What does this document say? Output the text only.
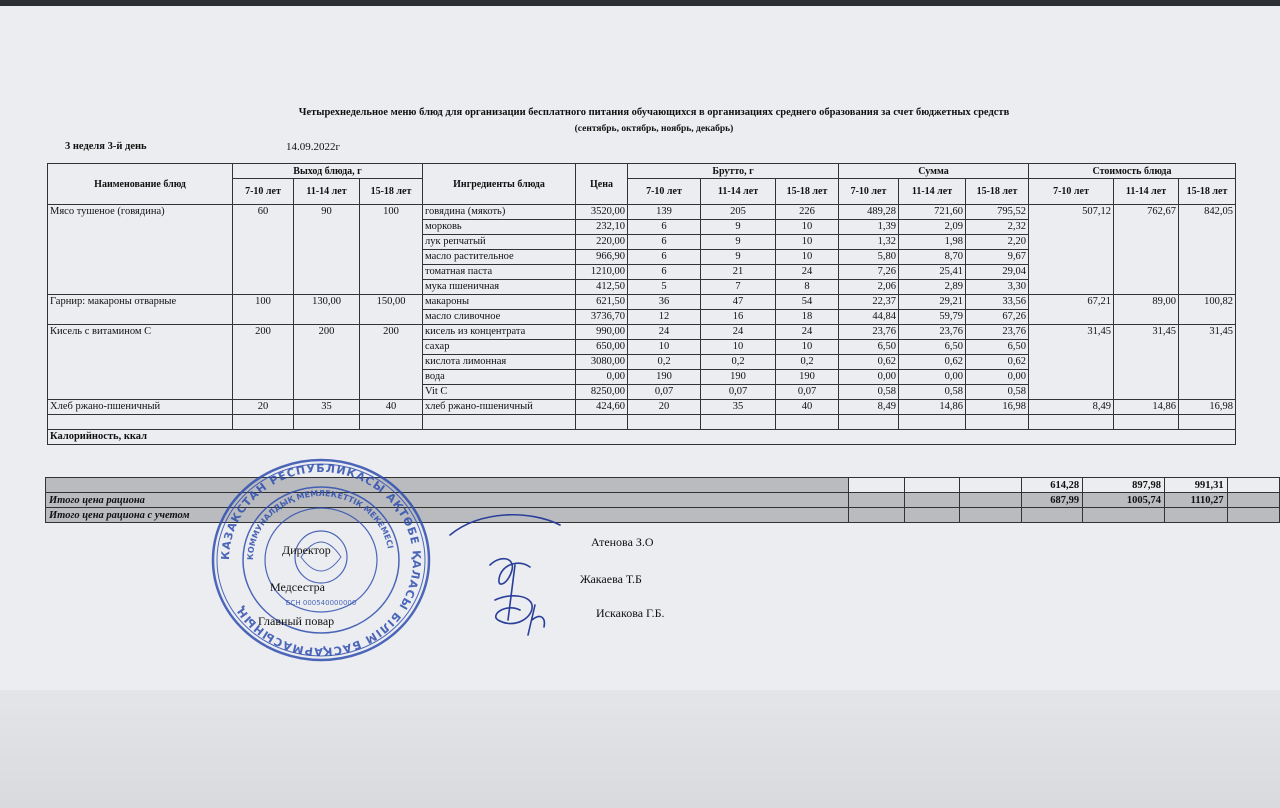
Четырехнедельное меню блюд для организации бесплатного питания обучающихся в организациях среднего образования за счет бюджетных средств
(сентябрь, октябрь, ноябрь, декабрь)
3 неделя 3-й день	14.09.2022г
Наименование блюд	Выход блюда, г			Ингредиенты блюда	Цена	Брутто, г			Сумма			Стоимость блюда		
	7-10 лет	11-14 лет	15-18 лет			7-10 лет	11-14 лет	15-18 лет	7-10 лет	11-14 лет	15-18 лет	7-10 лет	11-14 лет	15-18 лет
Мясо тушеное (говядина)	60	90	100	говядина (мякоть)	3520,00	139	205	226	489,28	721,60	795,52	507,12	762,67	842,05
				морковь	232,10	6	9	10	1,39	2,09	2,32			
				лук репчатый	220,00	6	9	10	1,32	1,98	2,20			
				масло растительное	966,90	6	9	10	5,80	8,70	9,67			
				томатная паста	1210,00	6	21	24	7,26	25,41	29,04			
				мука пшеничная	412,50	5	7	8	2,06	2,89	3,30			
Гарнир: макароны отварные	100	130,00	150,00	макароны	621,50	36	47	54	22,37	29,21	33,56	67,21	89,00	100,82
				масло сливочное	3736,70	12	16	18	44,84	59,79	67,26			
Кисель с витамином С	200	200	200	кисель из концентрата	990,00	24	24	24	23,76	23,76	23,76	31,45	31,45	31,45
				сахар	650,00	10	10	10	6,50	6,50	6,50			
				кислота лимонная	3080,00	0,2	0,2	0,2	0,62	0,62	0,62			
				вода	0,00	190	190	190	0,00	0,00	0,00			
				Vit C	8250,00	0,07	0,07	0,07	0,58	0,58	0,58			
Хлеб ржано-пшеничный	20	35	40	хлеб ржано-пшеничный	424,60	20	35	40	8,49	14,86	16,98	8,49	14,86	16,98

Калорийность, ккал														
				614,28	897,98	991,31	
Итого цена рациона				687,99	1005,74	1110,27	
Итого цена рациона с учетом							
КАЗАКСТАН РЕСПУБЛИКАСЫ АҚТӨБЕ ҚАЛАСЫ БІЛІМ БАСҚАРМАСЫНЫҢ
КОММУНАЛДЫҚ МЕМЛЕКЕТТІК МЕКЕМЕСІ
БСН 000540000000
Директор
Атенова З.О
Медсестра
Жакаева Т.Б
Главный повар
Искакова Г.Б.
